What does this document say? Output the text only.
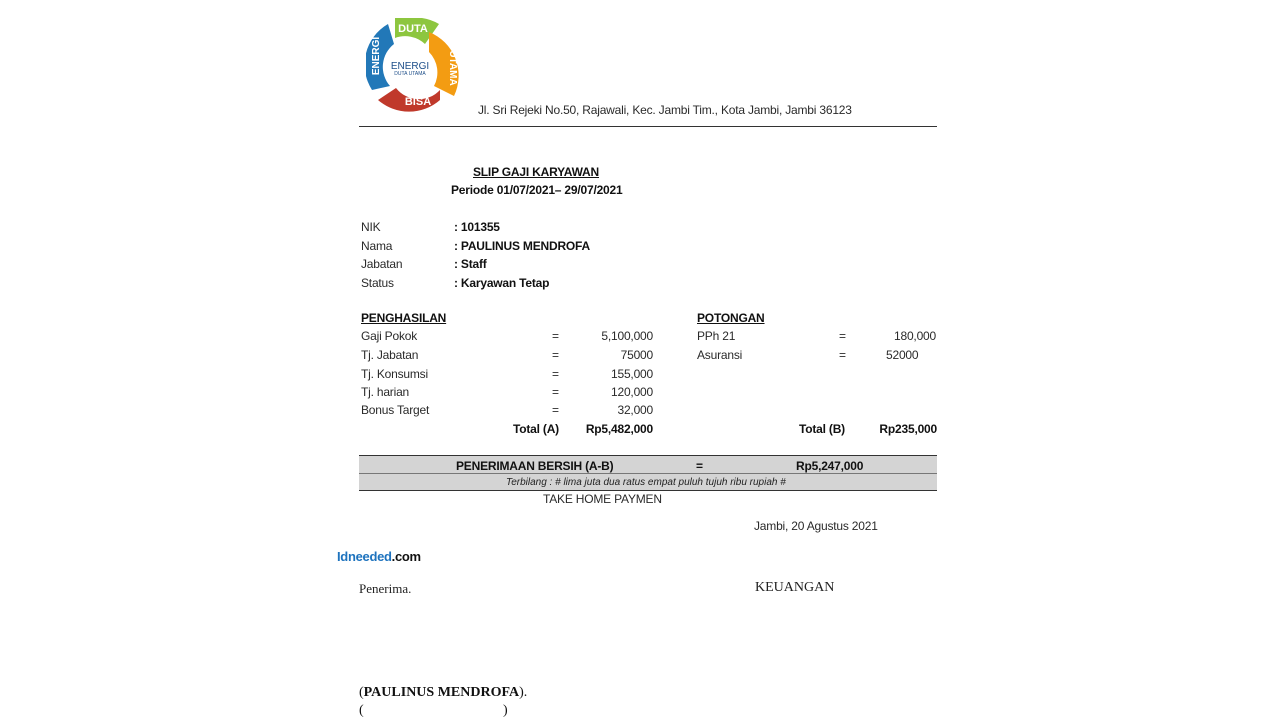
DUTA
UTAMA
BISA
ENERGI ENERGI
DUTA UTAMA
Jl. Sri Rejeki No.50, Rajawali, Kec. Jambi Tim., Kota Jambi, Jambi 36123
SLIP GAJI KARYAWAN
Periode 01/07/2021– 29/07/2021
NIK	: 101355
Nama	: PAULINUS MENDROFA
Jabatan	: Staff
Status	: Karyawan Tetap
PENGHASILAN
Gaji Pokok	=	5,100,000
Tj. Jabatan	=	75000
Tj. Konsumsi	=	155,000
Tj. harian	=	120,000
Bonus Target	=	32,000
Total (A)	Rp5,482,000
POTONGAN
PPh 21	=	180,000
Asuransi	=	52000
Total (B)	Rp235,000
PENERIMAAN BERSIH (A-B)	=	Rp5,247,000
Terbilang : # lima juta dua ratus empat puluh tujuh ribu rupiah #
TAKE HOME PAYMEN
Jambi, 20 Agustus 2021
Idneeded.com
Penerima.	KEUANGAN
(PAULINUS MENDROFA).
(	)
